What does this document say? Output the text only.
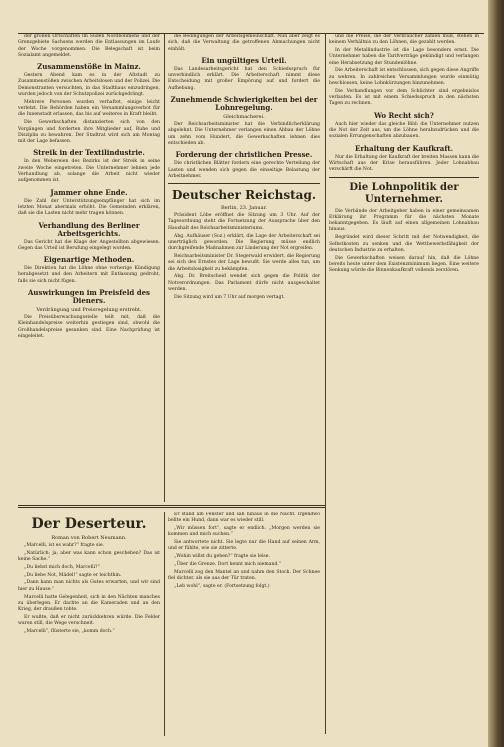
der großen Ortschaften im Süden Nordböhmens und der Grenzgebiete Sachsens werden die Entlassungen im Laufe der Woche vorgenommen. Die Belegschaft ist beim Sozialamt angemeldet.

Zusammenstöße in Mainz.

Gestern Abend kam es in der Altstadt zu Zusammenstößen zwischen Arbeitslosen und der Polizei. Die Demonstranten versuchten, in das Stadthaus einzudringen, wurden jedoch von der Schutzpolizei zurückgedrängt.

Mehrere Personen wurden verhaftet, einige leicht verletzt. Die Behörden haben ein Versammlungsverbot für die Innenstadt erlassen, das bis auf weiteres in Kraft bleibt.

Die Gewerkschaften distanzierten sich von den Vorgängen und forderten ihre Mitglieder auf, Ruhe und Disziplin zu bewahren. Der Stadtrat wird sich am Montag mit der Lage befassen.

Streik in der Textilindustrie.

In den Webereien des Bezirks ist der Streik in seine zweite Woche eingetreten. Die Unternehmer lehnen jede Verhandlung ab, solange die Arbeit nicht wieder aufgenommen ist.

Jammer ohne Ende.

Die Zahl der Unterstützungsempfänger hat sich im letzten Monat abermals erhöht. Die Gemeinden erklären, daß sie die Lasten nicht mehr tragen können.

Verhandlung des Berliner Arbeitsgerichts.

Das Gericht hat die Klage der Angestellten abgewiesen. Gegen das Urteil ist Berufung eingelegt worden.

Eigenartige Methoden.

Die Direktion hat die Löhne ohne vorherige Kündigung herabgesetzt und den Arbeitern mit Entlassung gedroht, falls sie sich nicht fügen.

Auswirkungen im Preisfeld des Dieners.
Verdrängung und Preisregelung erstrebt.

Die Preisüberwachungsstelle teilt mit, daß die Kleinhandelspreise weiterhin gestiegen sind, obwohl die Großhandelspreise gesunken sind. Eine Nachprüfung ist eingeleitet.

die Bedingungen der Arbeitsgemeinschaft. Nun aber zeigt es sich, daß die Verwaltung die getroffenen Abmachungen nicht einhält.

Ein ungültiges Urteil.

Das Landesarbeitsgericht hat den Schiedsspruch für unverbindlich erklärt. Die Arbeiterschaft nimmt diese Entscheidung mit großer Empörung auf und fordert die Aufhebung.

Zunehmende Schwierigkeiten bei der Lohnregelung.
Gleichmacherei.

Der Reichsarbeitsminister hat die Verbindlicherklärung abgelehnt. Die Unternehmer verlangen einen Abbau der Löhne um zehn vom Hundert, die Gewerkschaften lehnen dies entschieden ab.

Forderung der christlichen Presse.

Die christlichen Blätter fordern eine gerechte Verteilung der Lasten und wenden sich gegen die einseitige Belastung der Arbeitnehmer.

Deutscher Reichstag.
Berlin, 23. Januar.

Präsident Löbe eröffnet die Sitzung um 3 Uhr. Auf der Tagesordnung steht die Fortsetzung der Aussprache über den Haushalt des Reichsarbeitsministeriums.

Abg. Aufhäuser (Soz.) erklärt, die Lage der Arbeiterschaft sei unerträglich geworden. Die Regierung müsse endlich durchgreifende Maßnahmen zur Linderung der Not ergreifen.

Reichsarbeitsminister Dr. Stegerwald erwidert, die Regierung sei sich des Ernstes der Lage bewußt. Sie werde alles tun, um die Arbeitslosigkeit zu bekämpfen.

Abg. Dr. Breitscheid wendet sich gegen die Politik der Notverordnungen. Das Parlament dürfe nicht ausgeschaltet werden.

Die Sitzung wird um 7 Uhr auf morgen vertagt.

und die Preise, die der Verbraucher zahlen muß, stehen in keinem Verhältnis zu den Löhnen, die gezahlt werden.

In der Metallindustrie ist die Lage besonders ernst. Die Unternehmer haben die Tarifverträge gekündigt und verlangen eine Herabsetzung der Stundenlöhne.

Die Arbeiterschaft ist entschlossen, sich gegen diese Angriffe zu wehren. In zahlreichen Versammlungen wurde einmütig beschlossen, keine Lohnkürzungen hinzunehmen.

Die Verhandlungen vor dem Schlichter sind ergebnislos verlaufen. Es ist mit einem Schiedsspruch in den nächsten Tagen zu rechnen.

Wo Recht sich?

Auch hier wieder das gleiche Bild: die Unternehmer nutzen die Not der Zeit aus, um die Löhne herabzudrücken und die sozialen Errungenschaften abzubauen.

Erhaltung der Kaufkraft.

Nur die Erhaltung der Kaufkraft der breiten Massen kann die Wirtschaft aus der Krise herausführen. Jeder Lohnabbau verschärft die Not.

Die Lohnpolitik der Unternehmer.

Die Verbände der Arbeitgeber haben in einer gemeinsamen Erklärung ihr Programm für die nächsten Monate bekanntgegeben. Es läuft auf einen allgemeinen Lohnabbau hinaus.

Begründet wird dieser Schritt mit der Notwendigkeit, die Selbstkosten zu senken und die Wettbewerbsfähigkeit der deutschen Industrie zu erhalten.

Die Gewerkschaften weisen darauf hin, daß die Löhne bereits heute unter dem Existenzminimum liegen. Eine weitere Senkung würde die Binnenkaufkraft vollends zerstören.

Der Deserteur.
Roman von Robert Neumann.

„Marcelli, ist es wahr?“ fragte sie.

„Natürlich; ja; aber was kann schon geschehen? Das ist keine Sache.“

„Du liebst mich doch, Marcelli?“

„Du liebe Not, Mädel!“ sagte er leichthin.

„Dann kann man nichts als Gutes erwarten, und wir sind hier zu Hause.“

Marcelli hatte Gelegenheit, sich in den Nächten manches zu überlegen. Er dachte an die Kameraden und an den Krieg, der draußen tobte.

Er wußte, daß er nicht zurückkehren würde. Die Felder waren still, die Wege verschneit.

„Marcelli“, flüsterte sie, „komm doch.“

Er stand am Fenster und sah hinaus in die Nacht. Irgendwo bellte ein Hund, dann war es wieder still.

„Wir müssen fort“, sagte er endlich. „Morgen werden sie kommen und mich suchen.“

Sie antwortete nicht. Sie legte nur die Hand auf seinen Arm, und er fühlte, wie sie zitterte.

„Wohin willst du gehen?“ fragte sie leise.

„Über die Grenze. Dort kennt mich niemand.“

Marcelli zog den Mantel an und nahm den Stock. Der Schnee fiel dichter, als sie aus der Tür traten.

„Leb wohl“, sagte er. (Fortsetzung folgt.)
